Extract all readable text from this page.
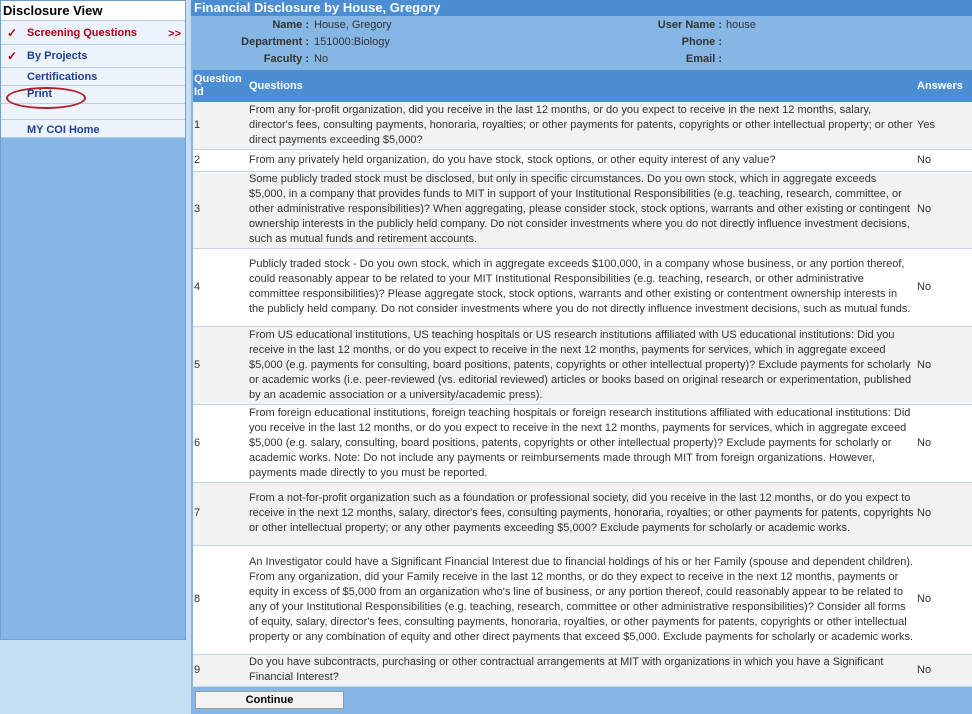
Disclosure View
✓ Screening Questions	>>
✓ By Projects
Certifications
Print
MY COI Home
Financial Disclosure by House, Gregory
Name : House, Gregory	User Name : house
Department : 151000:Biology	Phone :
Faculty : No	Email :
Question Id	Questions	Answers
1	From any for-profit organization, did you receive in the last 12 months, or do you expect to receive in the next 12 months, salary, director's fees, consulting payments, honoraria, royalties; or other payments for patents, copyrights or other intellectual property; or other direct payments exceeding $5,000?	Yes
2	From any privately held organization, do you have stock, stock options, or other equity interest of any value?	No
3	Some publicly traded stock must be disclosed, but only in specific circumstances. Do you own stock, which in aggregate exceeds $5,000, in a company that provides funds to MIT in support of your Institutional Responsibilities (e.g. teaching, research, committee, or other administrative responsibilities)? When aggregating, please consider stock, stock options, warrants and other existing or contingent ownership interests in the publicly held company. Do not consider investments where you do not directly influence investment decisions, such as mutual funds and retirement accounts.	No
4	Publicly traded stock - Do you own stock, which in aggregate exceeds $100,000, in a company whose business, or any portion thereof, could reasonably appear to be related to your MIT Institutional Responsibilities (e.g. teaching, research, or other administrative committee responsibilities)? Please aggregate stock, stock options, warrants and other existing or contentment ownership interests in the publicly held company. Do not consider investments where you do not directly influence investment decisions, such as mutual funds.	No
5	From US educational institutions, US teaching hospitals or US research institutions affiliated with US educational institutions: Did you receive in the last 12 months, or do you expect to receive in the next 12 months, payments for services, which in aggregate exceed $5,000 (e.g. payments for consulting, board positions, patents, copyrights or other intellectual property)? Exclude payments for scholarly or academic works (i.e. peer-reviewed (vs. editorial reviewed) articles or books based on original research or experimentation, published by an academic association or a university/academic press).	No
6	From foreign educational institutions, foreign teaching hospitals or foreign research institutions affiliated with educational institutions: Did you receive in the last 12 months, or do you expect to receive in the next 12 months, payments for services, which in aggregate exceed $5,000 (e.g. salary, consulting, board positions, patents, copyrights or other intellectual property)? Exclude payments for scholarly or academic works. Note: Do not include any payments or reimbursements made through MIT from foreign organizations. However, payments made directly to you must be reported.	No
7	From a not-for-profit organization such as a foundation or professional society, did you receive in the last 12 months, or do you expect to receive in the next 12 months, salary, director's fees, consulting payments, honoraria, royalties; or other payments for patents, copyrights or other intellectual property; or any other payments exceeding $5,000? Exclude payments for scholarly or academic works.	No
8	An Investigator could have a Significant Financial Interest due to financial holdings of his or her Family (spouse and dependent children). From any organization, did your Family receive in the last 12 months, or do they expect to receive in the next 12 months, payments or equity in excess of $5,000 from an organization who's line of business, or any portion thereof, could reasonably appear to be related to any of your Institutional Responsibilities (e.g. teaching, research, committee or other administrative responsibilities)? Consider all forms of equity, salary, director's fees, consulting payments, honoraria, royalties, or other payments for patents, copyrights or other intellectual property or any combination of equity and other direct payments that exceed $5,000. Exclude payments for scholarly or academic works.	No
9	Do you have subcontracts, purchasing or other contractual arrangements at MIT with organizations in which you have a Significant Financial Interest?	No
Continue
